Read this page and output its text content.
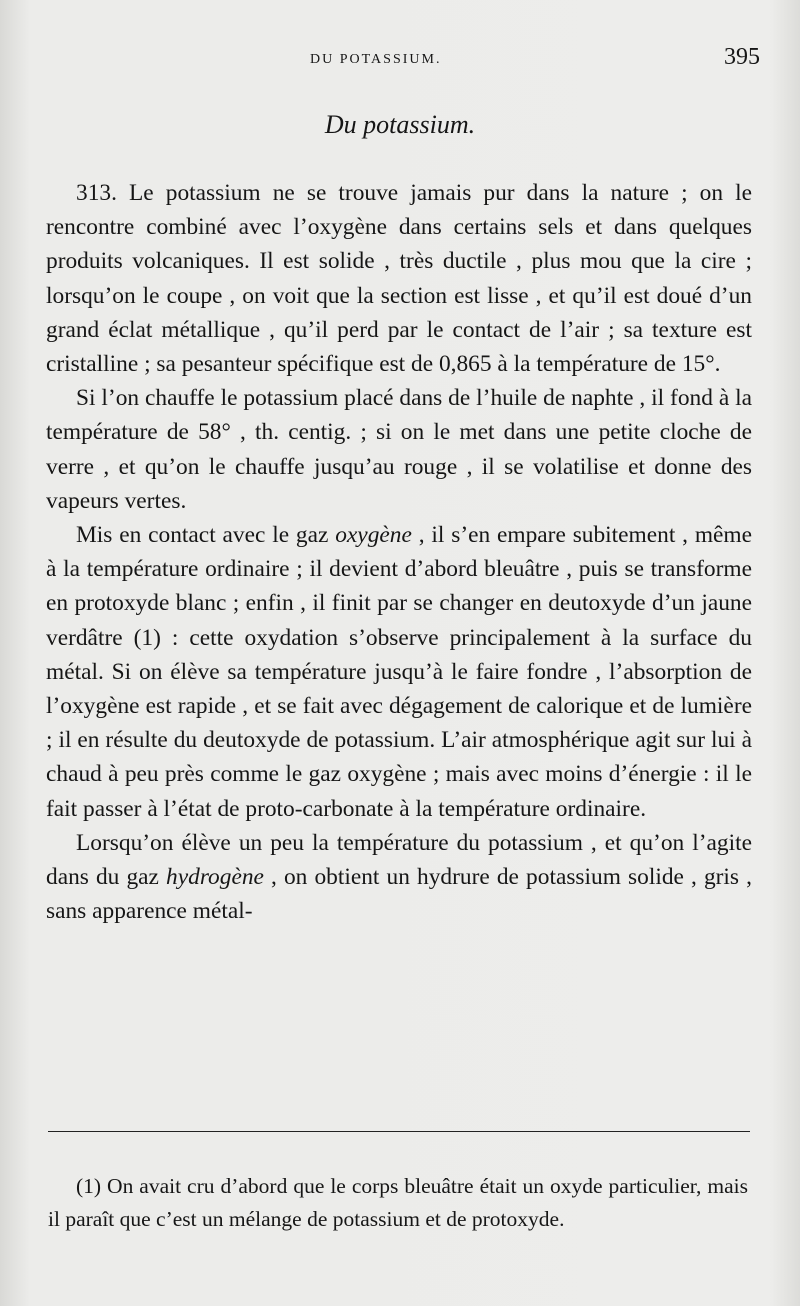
DU POTASSIUM.	395
Du potassium.

313. Le potassium ne se trouve jamais pur dans la nature ; on le rencontre combiné avec l’oxygène dans certains sels et dans quelques produits volcaniques. Il est solide , très ductile , plus mou que la cire ; lorsqu’on le coupe , on voit que la section est lisse , et qu’il est doué d’un grand éclat métallique , qu’il perd par le contact de l’air ; sa texture est cristalline ; sa pesanteur spécifique est de 0,865 à la température de 15°.

Si l’on chauffe le potassium placé dans de l’huile de naphte , il fond à la température de 58° , th. centig. ; si on le met dans une petite cloche de verre , et qu’on le chauffe jusqu’au rouge , il se volatilise et donne des vapeurs vertes.

Mis en contact avec le gaz oxygène , il s’en empare subitement , même à la température ordinaire ; il devient d’abord bleuâtre , puis se transforme en protoxyde blanc ; enfin , il finit par se changer en deutoxyde d’un jaune verdâtre (1) : cette oxydation s’observe principalement à la surface du métal. Si on élève sa température jusqu’à le faire fondre , l’absorption de l’oxygène est rapide , et se fait avec dégagement de calorique et de lumière ; il en résulte du deutoxyde de potassium. L’air atmosphérique agit sur lui à chaud à peu près comme le gaz oxygène ; mais avec moins d’énergie : il le fait passer à l’état de proto-carbonate à la température ordinaire.

Lorsqu’on élève un peu la température du potassium , et qu’on l’agite dans du gaz hydrogène , on obtient un hydrure de potassium solide , gris , sans apparence métal-

(1) On avait cru d’abord que le corps bleuâtre était un oxyde particulier, mais il paraît que c’est un mélange de potassium et de protoxyde.
